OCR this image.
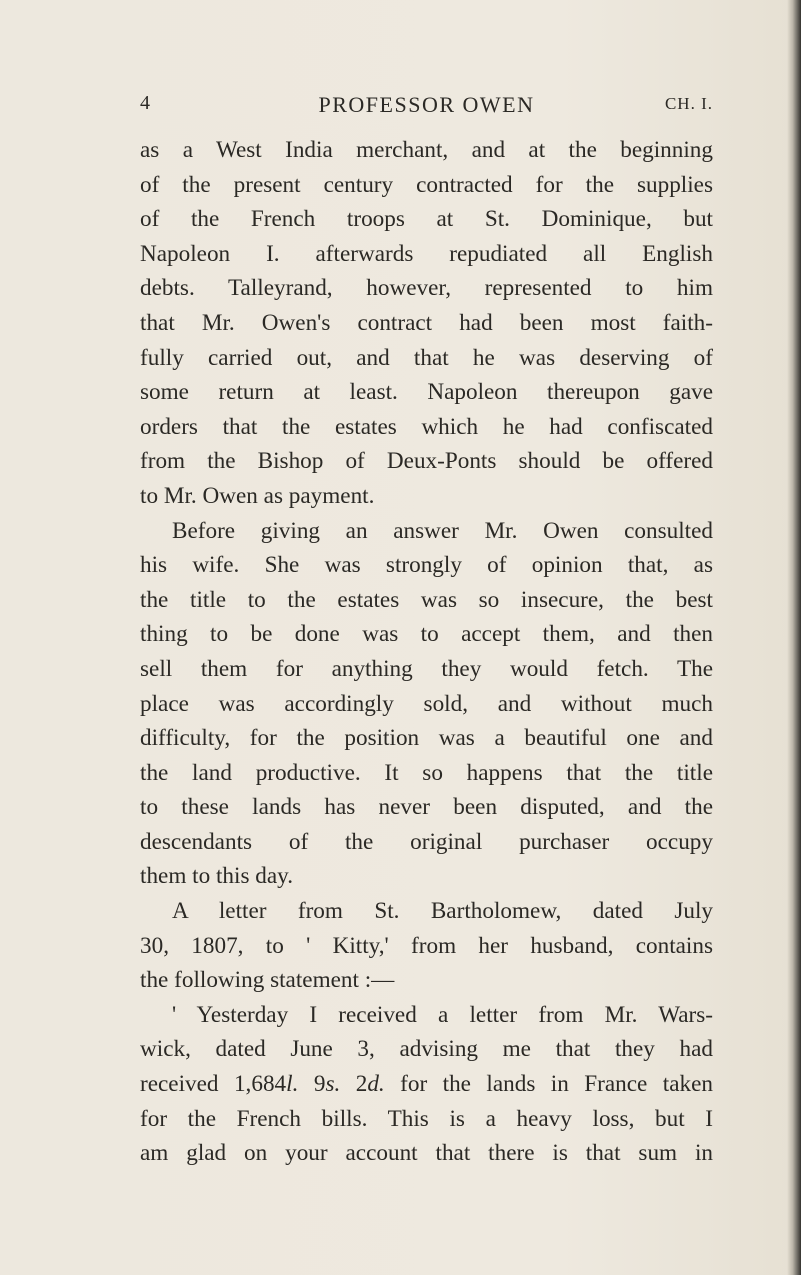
4	PROFESSOR OWEN	CH. I.
as a West India merchant, and at the beginning
of the present century contracted for the supplies
of the French troops at St. Dominique, but
Napoleon I. afterwards repudiated all English
debts. Talleyrand, however, represented to him
that Mr. Owen's contract had been most faith-
fully carried out, and that he was deserving of
some return at least. Napoleon thereupon gave
orders that the estates which he had confiscated
from the Bishop of Deux-Ponts should be offered
to Mr. Owen as payment.
Before giving an answer Mr. Owen consulted
his wife. She was strongly of opinion that, as
the title to the estates was so insecure, the best
thing to be done was to accept them, and then
sell them for anything they would fetch. The
place was accordingly sold, and without much
difficulty, for the position was a beautiful one and
the land productive. It so happens that the title
to these lands has never been disputed, and the
descendants of the original purchaser occupy
them to this day.
A letter from St. Bartholomew, dated July
30, 1807, to ' Kitty,' from her husband, contains
the following statement :—
' Yesterday I received a letter from Mr. Wars-
wick, dated June 3, advising me that they had
received 1,684l. 9s. 2d. for the lands in France taken
for the French bills. This is a heavy loss, but I
am glad on your account that there is that sum in
